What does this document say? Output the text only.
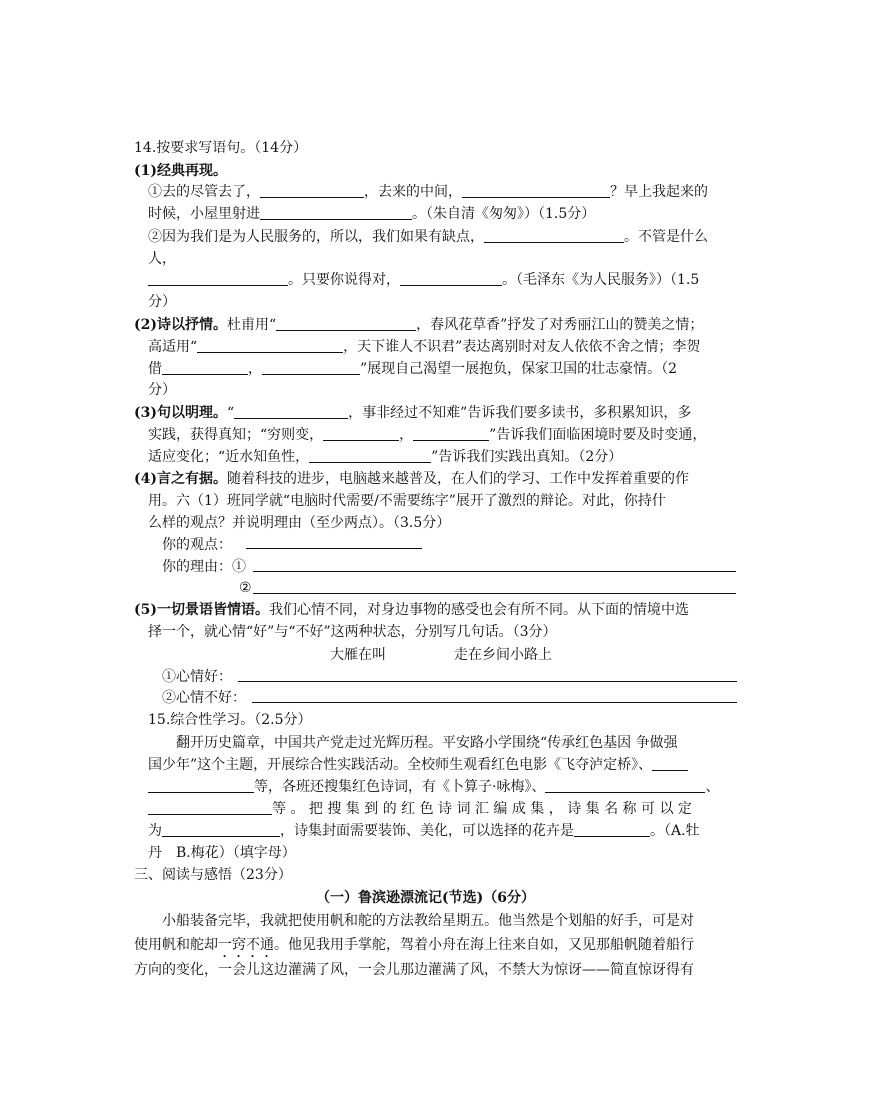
14.按要求写语句。（14分）
(1)经典再现。
①去的尽管去了，	，去来的中间，	？早上我起来的
时候，小屋里射进	。（朱自清《匆匆》）（1.5分）
②因为我们是为人民服务的，所以，我们如果有缺点，	。不管是什么
人，
。只要你说得对，	。（毛泽东《为人民服务》）（1.5
分）
(2)诗以抒情。杜甫用“	，春风花草香”抒发了对秀丽江山的赞美之情；
高适用“	，天下谁人不识君”表达离别时对友人依依不舍之情；李贺
借	，	”展现自己渴望一展抱负，保家卫国的壮志豪情。（2
分）
(3)句以明理。“	，事非经过不知难”告诉我们要多读书，多积累知识，多
实践，获得真知；“穷则变，	，	”告诉我们面临困境时要及时变通，
适应变化；“近水知鱼性，	”告诉我们实践出真知。（2分）
(4)言之有据。随着科技的进步，电脑越来越普及，在人们的学习、工作中发挥着重要的作
用。六（1）班同学就“电脑时代需要/不需要练字”展开了激烈的辩论。对此，你持什
么样的观点？并说明理由（至少两点）。（3.5分）
你的观点：
你的理由：①
②
(5)一切景语皆情语。我们心情不同，对身边事物的感受也会有所不同。从下面的情境中选
择一个，就心情“好”与“不好”这两种状态，分别写几句话。（3分）
大雁在叫	走在乡间小路上
①心情好：
②心情不好：
15.综合性学习。（2.5分）
翻开历史篇章，中国共产党走过光辉历程。平安路小学围绕“传承红色基因 争做强
国少年”这个主题，开展综合性实践活动。全校师生观看红色电影《飞夺泸定桥》、
等，各班还搜集红色诗词，有《卜算子·咏梅》、	、
等 。 把 搜 集 到 的 红 色 诗 词 汇 编 成 集 ， 诗 集 名 称 可 以 定
为	，诗集封面需要装饰、美化，可以选择的花卉是	。（A.牡
丹　B.梅花）（填字母）
三、阅读与感悟（23分）
（一）鲁滨逊漂流记(节选)（6分）
小船装备完毕，我就把使用帆和舵的方法教给星期五。他当然是个划船的好手，可是对
使用帆和舵却一窍不通。他见我用手掌舵，驾着小舟在海上往来自如，又见那船帆随着船行
方向的变化，一会儿这边灌满了风，一会儿那边灌满了风，不禁大为惊讶——简直惊讶得有
